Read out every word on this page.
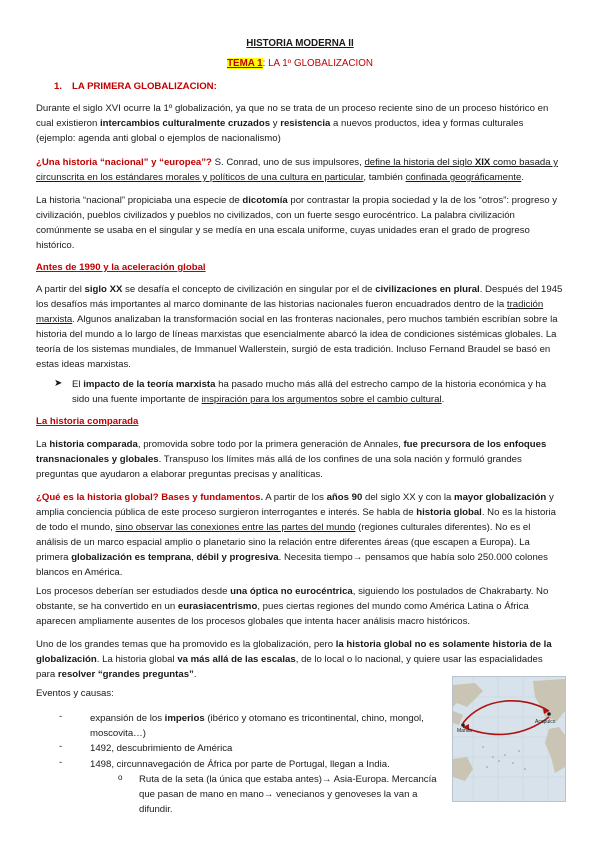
HISTORIA MODERNA II
TEMA 1: LA 1º GLOBALIZACION
1. LA PRIMERA GLOBALIZACION:

Durante el siglo XVI ocurre la 1º globalización, ya que no se trata de un proceso reciente sino de un proceso histórico en cual existieron intercambios culturalmente cruzados y resistencia a nuevos productos, idea y formas culturales (ejemplo: agenda anti global o ejemplos de nacionalismo)

¿Una historia “nacional” y “europea”? S. Conrad, uno de sus impulsores, define la historia del siglo XIX como basada y circunscrita en los estándares morales y políticos de una cultura en particular, también confinada geográficamente.

La historia “nacional” propiciaba una especie de dicotomía por contrastar la propia sociedad y la de los “otros”: progreso y civilización, pueblos civilizados y pueblos no civilizados, con un fuerte sesgo eurocéntrico. La palabra civilización comúnmente se usaba en el singular y se medía en una escala uniforme, cuyas unidades eran el grado de progreso histórico.

Antes de 1990 y la aceleración global

A partir del siglo XX se desafía el concepto de civilización en singular por el de civilizaciones en plural. Después del 1945 los desafíos más importantes al marco dominante de las historias nacionales fueron encuadrados dentro de la tradición marxista. Algunos analizaban la transformación social en las fronteras nacionales, pero muchos también escribían sobre la historia del mundo a lo largo de líneas marxistas que esencialmente abarcó la idea de condiciones sistémicas globales. La teoría de los sistemas mundiales, de Immanuel Wallerstein, surgió de esta tradición. Incluso Fernand Braudel se basó en estas ideas marxistas.

➤ El impacto de la teoría marxista ha pasado mucho más allá del estrecho campo de la historia económica y ha sido una fuente importante de inspiración para los argumentos sobre el cambio cultural.

La historia comparada

La historia comparada, promovida sobre todo por la primera generación de Annales, fue precursora de los enfoques transnacionales y globales. Transpuso los límites más allá de los confines de una sola nación y formuló grandes preguntas que ayudaron a elaborar preguntas precisas y analíticas.

¿Qué es la historia global? Bases y fundamentos. A partir de los años 90 del siglo XX y con la mayor globalización y amplia conciencia pública de este proceso surgieron interrogantes e interés. Se habla de historia global. No es la historia de todo el mundo, sino observar las conexiones entre las partes del mundo (regiones culturales diferentes). No es el análisis de un marco espacial amplio o planetario sino la relación entre diferentes áreas (que escapen a Europa). La primera globalización es temprana, débil y progresiva. Necesita tiempo→ pensamos que había solo 250.000 colones blancos en América.

Los procesos deberían ser estudiados desde una óptica no eurocéntrica, siguiendo los postulados de Chakrabarty. No obstante, se ha convertido en un eurasiacentrismo, pues ciertas regiones del mundo como América Latina o África aparecen ampliamente ausentes de los procesos globales que intenta hacer análisis macro históricos.

Uno de los grandes temas que ha promovido es la globalización, pero la historia global no es solamente historia de la globalización. La historia global va más allá de las escalas, de lo local o lo nacional, y quiere usar las espacialidades para resolver “grandes preguntas”.

Eventos y causas:
-	expansión de los imperios (ibérico y otomano es tricontinental, chino, mongol,
moscovita…)
-	1492, descubrimiento de América
-	1498, circunnavegación de África por parte de Portugal, llegan a India.
o Ruta de la seta (la única que estaba antes)→ Asia-Europa. Mercancía que pasan de mano en mano→ venecianos y genoveses la van a difundir.
Manila
Acapulco
